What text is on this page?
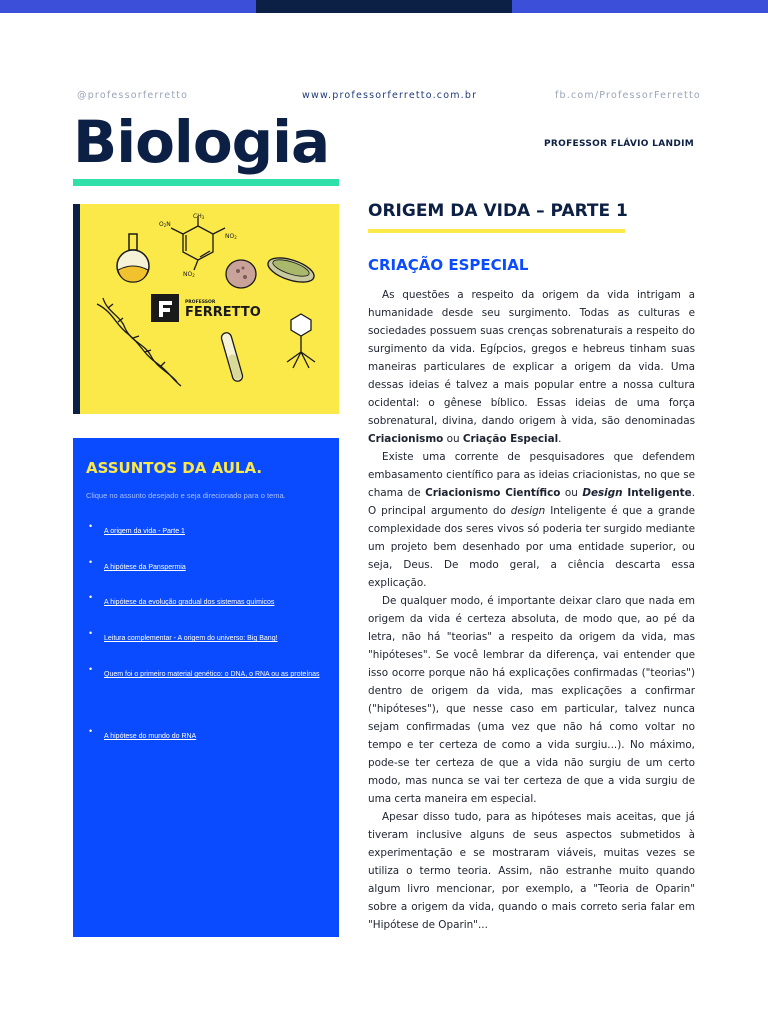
@professorferretto	www.professorferretto.com.br	fb.com/ProfessorFerretto
Biologia	PROFESSOR FLÁVIO LANDIM
CH3
O2N
NO2
NO2
PROFESSOR
FERRETTO
ASSUNTOS DA AULA.
Clique no assunto desejado e seja direcionado para o tema.
•
A origem da vida - Parte 1
•
A hipótese da Panspermia
•
A hipótese da evolução gradual dos sistemas químicos
•
Leitura complementar - A origem do universo: Big Bang!
•
Quem foi o primeiro material genético: o DNA, o RNA ou as proteínas
•
A hipótese do mundo do RNA
ORIGEM DA VIDA – PARTE 1
CRIAÇÃO ESPECIAL

As questões a respeito da origem da vida intrigam a humanidade desde seu surgimento. Todas as culturas e sociedades possuem suas crenças sobrenaturais a respeito do surgimento da vida. Egípcios, gregos e hebreus tinham suas maneiras particulares de explicar a origem da vida. Uma dessas ideias é talvez a mais popular entre a nossa cultura ocidental: o gênese bíblico. Essas ideias de uma força sobrenatural, divina, dando origem à vida, são denominadas Criacionismo ou Criação Especial.

Existe uma corrente de pesquisadores que defendem embasamento científico para as ideias criacionistas, no que se chama de Criacionismo Científico ou Design Inteligente. O principal argumento do design Inteligente é que a grande complexidade dos seres vivos só poderia ter surgido mediante um projeto bem desenhado por uma entidade superior, ou seja, Deus. De modo geral, a ciência descarta essa explicação.

De qualquer modo, é importante deixar claro que nada em origem da vida é certeza absoluta, de modo que, ao pé da letra, não há "teorias" a respeito da origem da vida, mas "hipóteses". Se você lembrar da diferença, vai entender que isso ocorre porque não há explicações confirmadas ("teorias") dentro de origem da vida, mas explicações a confirmar ("hipóteses"), que nesse caso em particular, talvez nunca sejam confirmadas (uma vez que não há como voltar no tempo e ter certeza de como a vida surgiu...). No máximo, pode-se ter certeza de que a vida não surgiu de um certo modo, mas nunca se vai ter certeza de que a vida surgiu de uma certa maneira em especial.

Apesar disso tudo, para as hipóteses mais aceitas, que já tiveram inclusive alguns de seus aspectos submetidos à experimentação e se mostraram viáveis, muitas vezes se utiliza o termo teoria. Assim, não estranhe muito quando algum livro mencionar, por exemplo, a "Teoria de Oparin" sobre a origem da vida, quando o mais correto seria falar em "Hipótese de Oparin"...
